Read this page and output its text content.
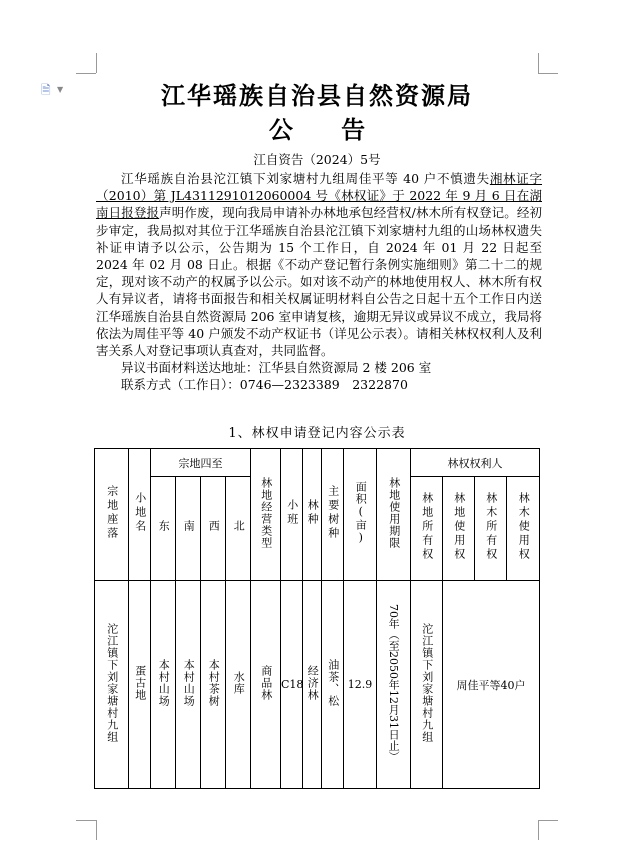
🗎 ▼	江华瑶族自治县自然资源局
公 告
江自资告（2024）5号

江华瑶族自治县沱江镇下刘家塘村九组周佳平等 40 户不慎遗失湘林证字（2010）第 JL4311291012060004 号《林权证》于 2022 年 9 月 6 日在湖南日报登报声明作废，现向我局申请补办林地承包经营权/林木所有权登记。经初步审定，我局拟对其位于江华瑶族自治县沱江镇下刘家塘村九组的山场林权遗失补证申请予以公示，公告期为 15 个工作日，自 2024 年 01 月 22 日起至 2024 年 02 月 08 日止。根据《不动产登记暂行条例实施细则》第二十二的规定，现对该不动产的权属予以公示。如对该不动产的林地使用权人、林木所有权人有异议者，请将书面报告和相关权属证明材料自公告之日起十五个工作日内送江华瑶族自治县自然资源局 206 室申请复核，逾期无异议或异议不成立，我局将依法为周佳平等 40 户颁发不动产权证书（详见公示表）。请相关林权权利人及利害关系人对登记事项认真查对，共同监督。

异议书面材料送达地址：江华县自然资源局 2 楼 206 室

联系方式（工作日）：0746—2323389　2322870

1、林权申请登记内容公示表
宗地座落	小地名	宗地四至				林地经营类型	小班	林种	主要树种	面积(亩)	林地使用期限	林权权利人			
		东	南	西	北							林地所有权	林地使用权	林木所有权	林木使用权
沱江镇下刘家塘村九组	蛋古地	本村山场	本村山场	本村茶树	水库	商品林	C18	经济林	油茶、松	12.9	70年（至2050年12月31日止）	沱江镇下刘家塘村九组	周佳平等40户		
